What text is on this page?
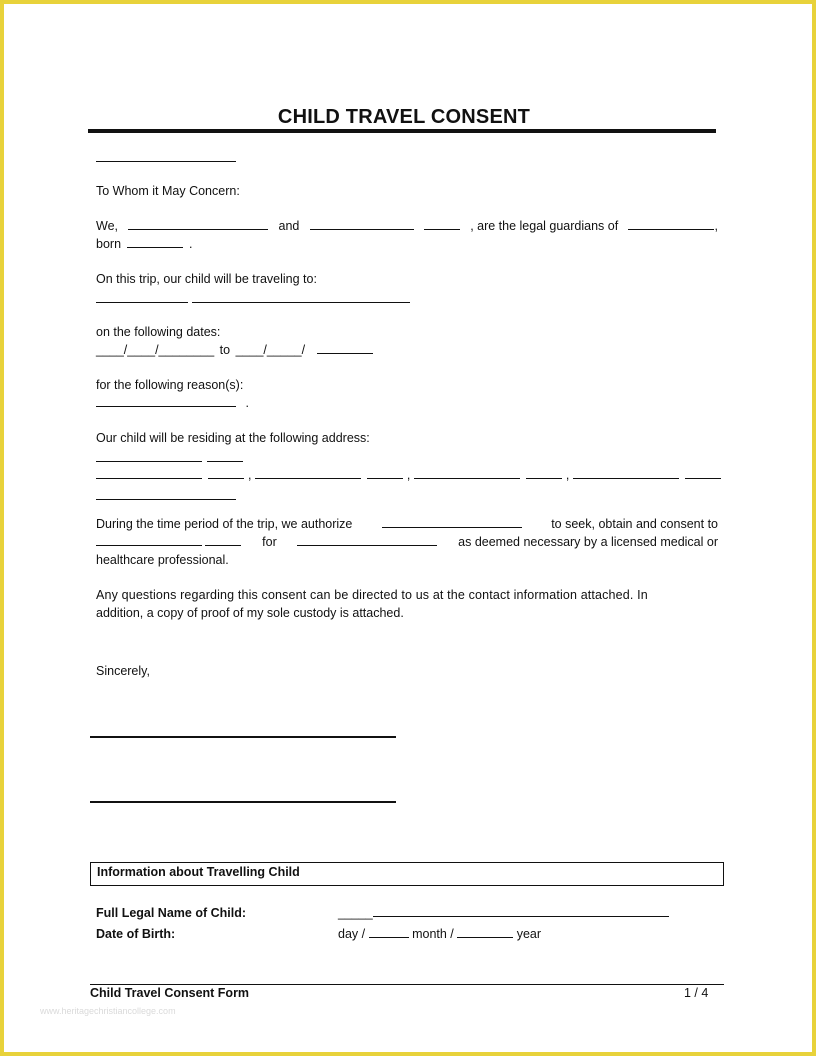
CHILD TRAVEL CONSENT
To Whom it May Concern:
We,	and	, are the legal guardians of	,
born	.
On this trip, our child will be traveling to:
on the following dates:
____/____/________ to ____/_____/
for the following reason(s):
.
Our child will be residing at the following address:
,	,	,
During the time period of the trip, we authorize	to seek, obtain and consent to

for	as deemed necessary by a licensed medical or
healthcare professional.
Any questions regarding this consent can be directed to us at the contact information attached. In
addition, a copy of proof of my sole custody is attached.
Sincerely,
Information about Travelling Child
Full Legal Name of Child:	_____
Date of Birth:	day /	month /	year
Child Travel Consent Form	1 / 4
www.heritagechristiancollege.com
